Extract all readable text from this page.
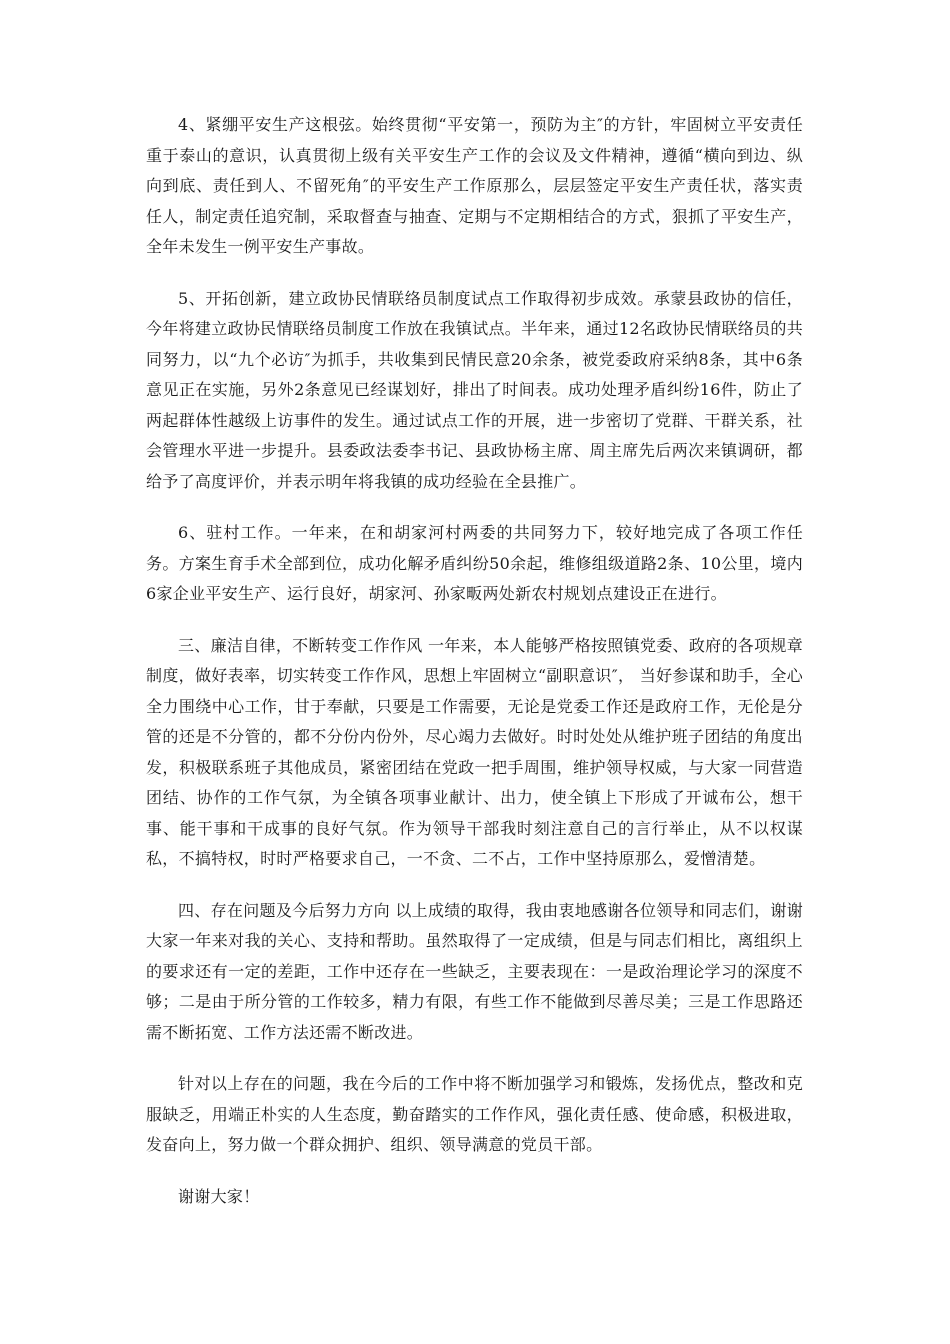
4、紧绷平安生产这根弦。始终贯彻“平安第一，预防为主″的方针，牢固树立平安责任重于泰山的意识，认真贯彻上级有关平安生产工作的会议及文件精神，遵循“横向到边、纵向到底、责任到人、不留死角″的平安生产工作原那么，层层签定平安生产责任状，落实责任人，制定责任追究制，采取督查与抽查、定期与不定期相结合的方式，狠抓了平安生产，全年未发生一例平安生产事故。

5、开拓创新，建立政协民情联络员制度试点工作取得初步成效。承蒙县政协的信任，今年将建立政协民情联络员制度工作放在我镇试点。半年来，通过12名政协民情联络员的共同努力，以“九个必访″为抓手，共收集到民情民意20余条，被党委政府采纳8条，其中6条意见正在实施，另外2条意见已经谋划好，排出了时间表。成功处理矛盾纠纷16件，防止了两起群体性越级上访事件的发生。通过试点工作的开展，进一步密切了党群、干群关系，社会管理水平进一步提升。县委政法委李书记、县政协杨主席、周主席先后两次来镇调研，都给予了高度评价，并表示明年将我镇的成功经验在全县推广。

6、驻村工作。一年来，在和胡家河村两委的共同努力下，较好地完成了各项工作任务。方案生育手术全部到位，成功化解矛盾纠纷50余起，维修组级道路2条、10公里，境内6家企业平安生产、运行良好，胡家河、孙家畈两处新农村规划点建设正在进行。

三、廉洁自律，不断转变工作作风 一年来，本人能够严格按照镇党委、政府的各项规章制度，做好表率，切实转变工作作风，思想上牢固树立“副职意识″， 当好参谋和助手，全心全力围绕中心工作，甘于奉献，只要是工作需要，无论是党委工作还是政府工作，无伦是分管的还是不分管的，都不分份内份外，尽心竭力去做好。时时处处从维护班子团结的角度出发，积极联系班子其他成员，紧密团结在党政一把手周围，维护领导权威，与大家一同营造团结、协作的工作气氛，为全镇各项事业献计、出力，使全镇上下形成了开诚布公，想干事、能干事和干成事的良好气氛。作为领导干部我时刻注意自己的言行举止，从不以权谋私，不搞特权，时时严格要求自己，一不贪、二不占，工作中坚持原那么，爱憎清楚。

四、存在问题及今后努力方向 以上成绩的取得，我由衷地感谢各位领导和同志们，谢谢大家一年来对我的关心、支持和帮助。虽然取得了一定成绩，但是与同志们相比，离组织上的要求还有一定的差距，工作中还存在一些缺乏，主要表现在：一是政治理论学习的深度不够；二是由于所分管的工作较多，精力有限，有些工作不能做到尽善尽美；三是工作思路还需不断拓宽、工作方法还需不断改进。

针对以上存在的问题，我在今后的工作中将不断加强学习和锻炼，发扬优点，整改和克服缺乏，用端正朴实的人生态度，勤奋踏实的工作作风，强化责任感、使命感，积极进取，发奋向上，努力做一个群众拥护、组织、领导满意的党员干部。

谢谢大家！
